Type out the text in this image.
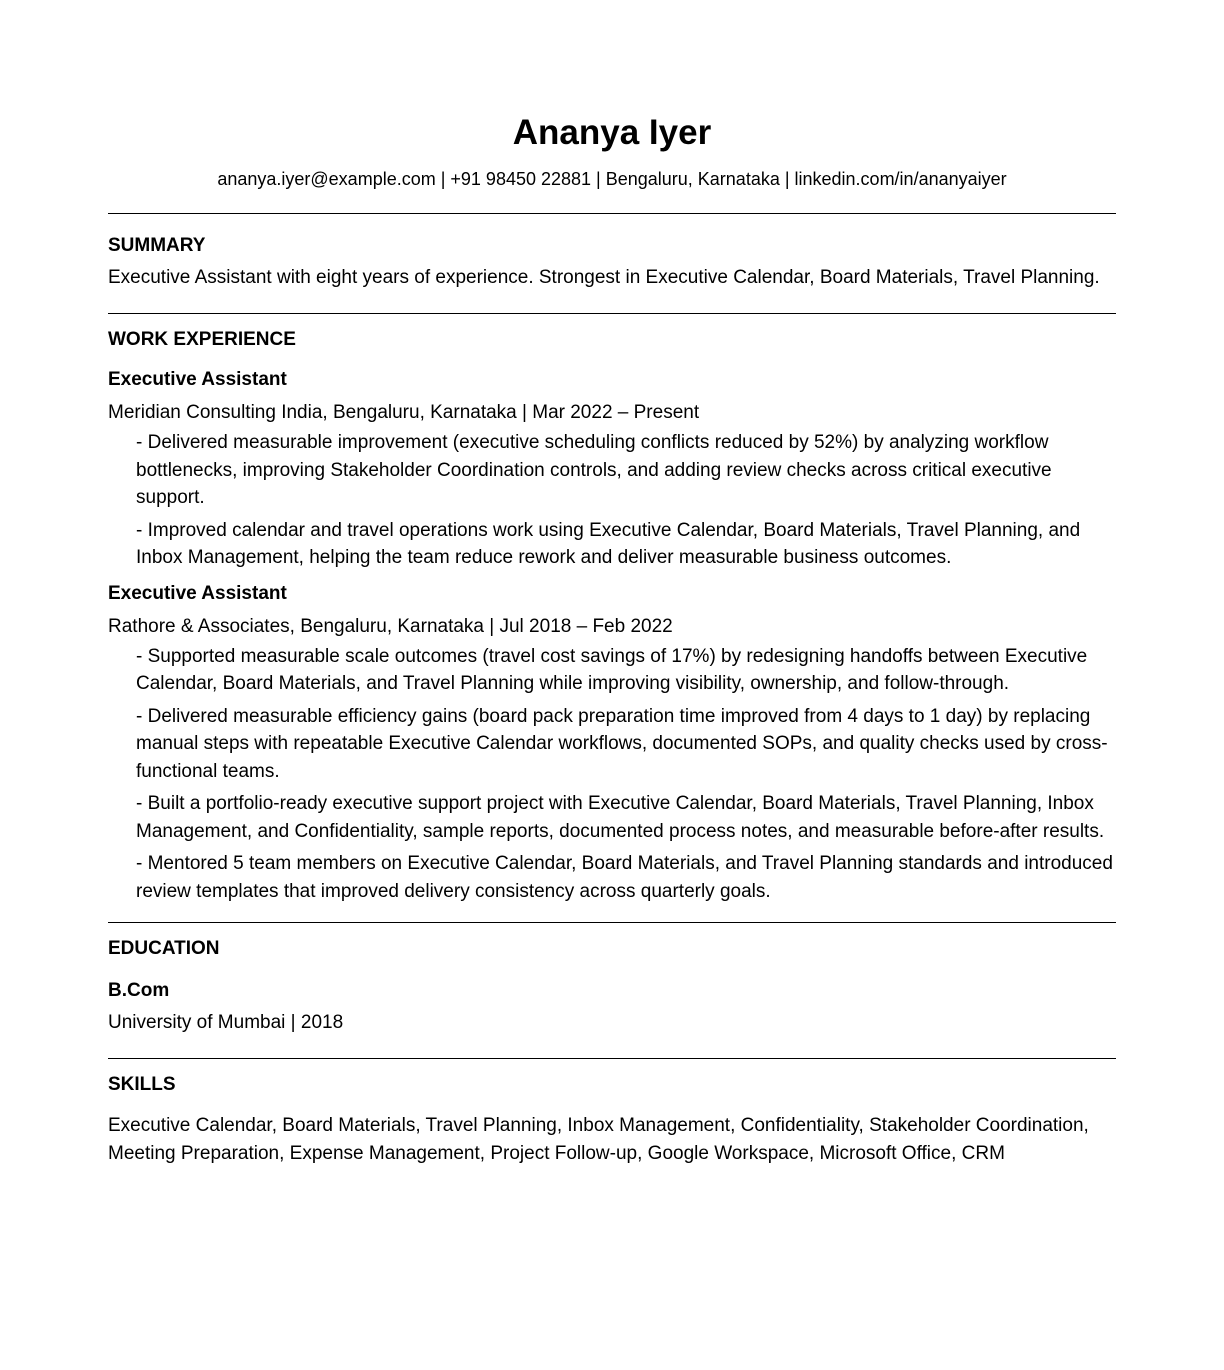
Ananya Iyer
ananya.iyer@example.com | +91 98450 22881 | Bengaluru, Karnataka | linkedin.com/in/ananyaiyer
SUMMARY

Executive Assistant with eight years of experience. Strongest in Executive Calendar, Board Materials, Travel Planning.

WORK EXPERIENCE
Executive Assistant
Meridian Consulting India, Bengaluru, Karnataka | Mar 2022 – Present
- Delivered measurable improvement (executive scheduling conflicts reduced by 52%) by analyzing workflow bottlenecks, improving Stakeholder Coordination controls, and adding review checks across critical executive support.
- Improved calendar and travel operations work using Executive Calendar, Board Materials, Travel Planning, and Inbox Management, helping the team reduce rework and deliver measurable business outcomes.
Executive Assistant
Rathore & Associates, Bengaluru, Karnataka | Jul 2018 – Feb 2022
- Supported measurable scale outcomes (travel cost savings of 17%) by redesigning handoffs between Executive Calendar, Board Materials, and Travel Planning while improving visibility, ownership, and follow-through.
- Delivered measurable efficiency gains (board pack preparation time improved from 4 days to 1 day) by replacing manual steps with repeatable Executive Calendar workflows, documented SOPs, and quality checks used by cross-functional teams.
- Built a portfolio-ready executive support project with Executive Calendar, Board Materials, Travel Planning, Inbox Management, and Confidentiality, sample reports, documented process notes, and measurable before-after results.
- Mentored 5 team members on Executive Calendar, Board Materials, and Travel Planning standards and introduced review templates that improved delivery consistency across quarterly goals.
EDUCATION
B.Com
University of Mumbai | 2018
SKILLS

Executive Calendar, Board Materials, Travel Planning, Inbox Management, Confidentiality, Stakeholder Coordination, Meeting Preparation, Expense Management, Project Follow-up, Google Workspace, Microsoft Office, CRM
